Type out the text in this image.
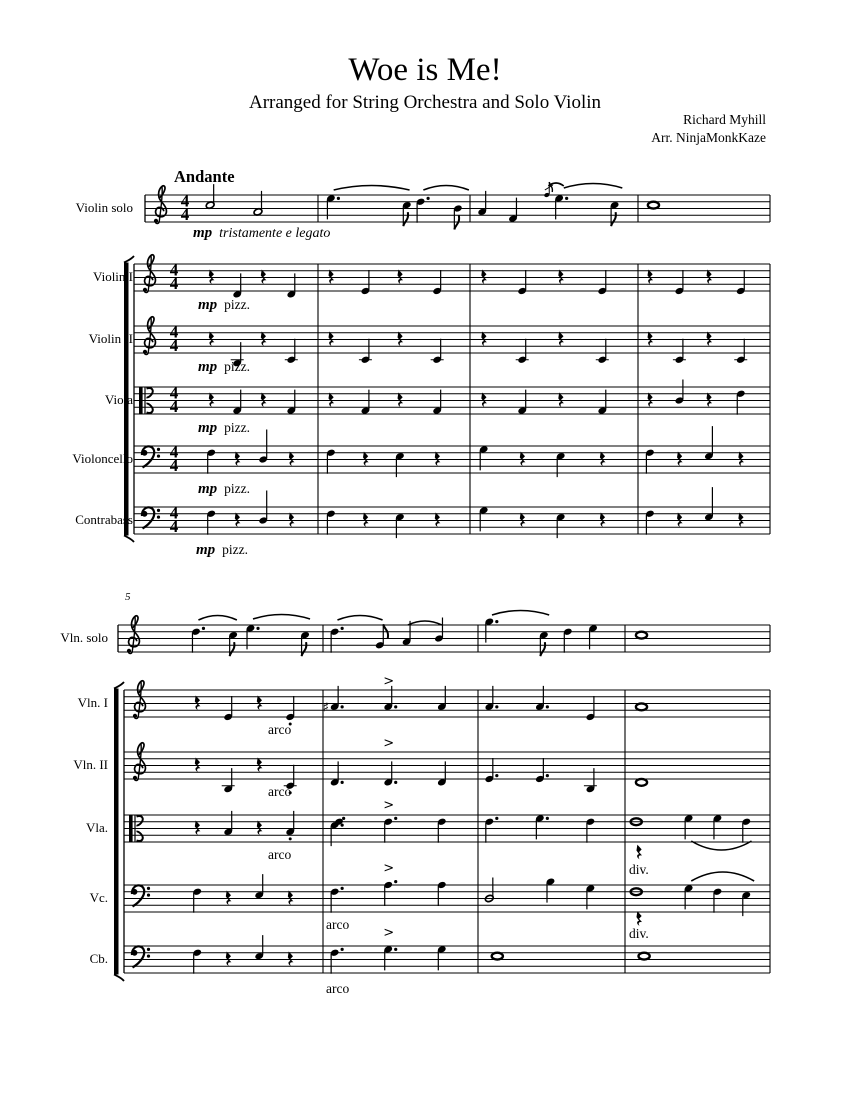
4
4
4
4
4
4
4
4
4
4
4
4
♯
>
>
>
>
>
Woe is Me!
Arranged for String Orchestra and Solo Violin
Richard Myhill
Arr. NinjaMonkKaze
Andante
5
Violin solo
mp tristamente e legato
Violin I
mp pizz.
Violin II
mp pizz.
Viola
mp pizz.
Violoncello
mp pizz.
Contrabass
mp pizz.
Vln. solo
Vln. I
arco
Vln. II
arco
Vla.
arco
div.
Vc.
arco
div.
Cb.
arco
